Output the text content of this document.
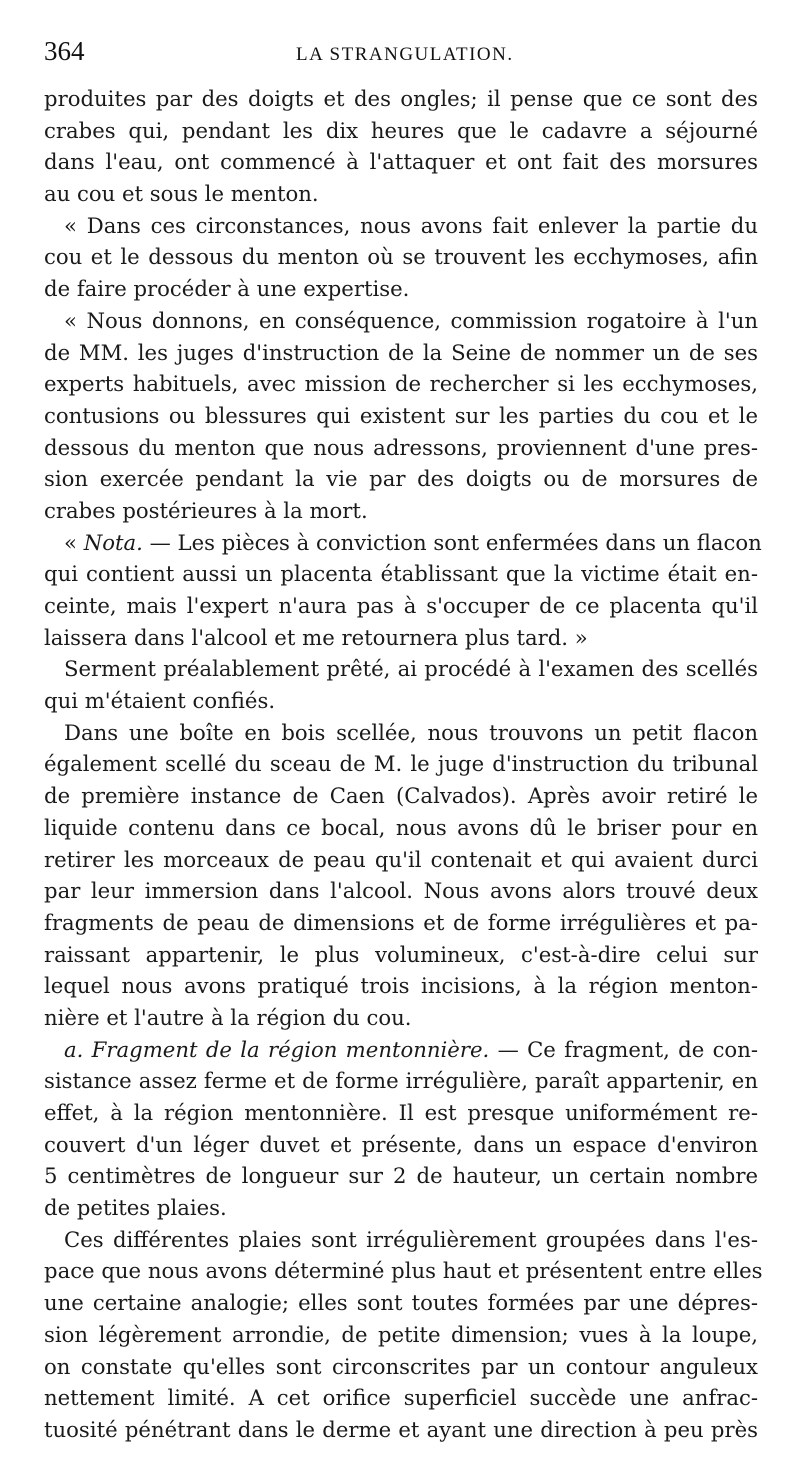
364	LA STRANGULATION.
produites par des doigts et des ongles; il pense que ce sont des
crabes qui, pendant les dix heures que le cadavre a séjourné
dans l'eau, ont commencé à l'attaquer et ont fait des morsures
au cou et sous le menton.
« Dans ces circonstances, nous avons fait enlever la partie du
cou et le dessous du menton où se trouvent les ecchymoses, afin
de faire procéder à une expertise.
« Nous donnons, en conséquence, commission rogatoire à l'un
de MM. les juges d'instruction de la Seine de nommer un de ses
experts habituels, avec mission de rechercher si les ecchymoses,
contusions ou blessures qui existent sur les parties du cou et le
dessous du menton que nous adressons, proviennent d'une pres-
sion exercée pendant la vie par des doigts ou de morsures de
crabes postérieures à la mort.
« Nota. — Les pièces à conviction sont enfermées dans un flacon
qui contient aussi un placenta établissant que la victime était en-
ceinte, mais l'expert n'aura pas à s'occuper de ce placenta qu'il
laissera dans l'alcool et me retournera plus tard. »
Serment préalablement prêté, ai procédé à l'examen des scellés
qui m'étaient confiés.
Dans une boîte en bois scellée, nous trouvons un petit flacon
également scellé du sceau de M. le juge d'instruction du tribunal
de première instance de Caen (Calvados). Après avoir retiré le
liquide contenu dans ce bocal, nous avons dû le briser pour en
retirer les morceaux de peau qu'il contenait et qui avaient durci
par leur immersion dans l'alcool. Nous avons alors trouvé deux
fragments de peau de dimensions et de forme irrégulières et pa-
raissant appartenir, le plus volumineux, c'est-à-dire celui sur
lequel nous avons pratiqué trois incisions, à la région menton-
nière et l'autre à la région du cou.
a. Fragment de la région mentonnière. — Ce fragment, de con-
sistance assez ferme et de forme irrégulière, paraît appartenir, en
effet, à la région mentonnière. Il est presque uniformément re-
couvert d'un léger duvet et présente, dans un espace d'environ
5 centimètres de longueur sur 2 de hauteur, un certain nombre
de petites plaies.
Ces différentes plaies sont irrégulièrement groupées dans l'es-
pace que nous avons déterminé plus haut et présentent entre elles
une certaine analogie; elles sont toutes formées par une dépres-
sion légèrement arrondie, de petite dimension; vues à la loupe,
on constate qu'elles sont circonscrites par un contour anguleux
nettement limité. A cet orifice superficiel succède une anfrac-
tuosité pénétrant dans le derme et ayant une direction à peu près
